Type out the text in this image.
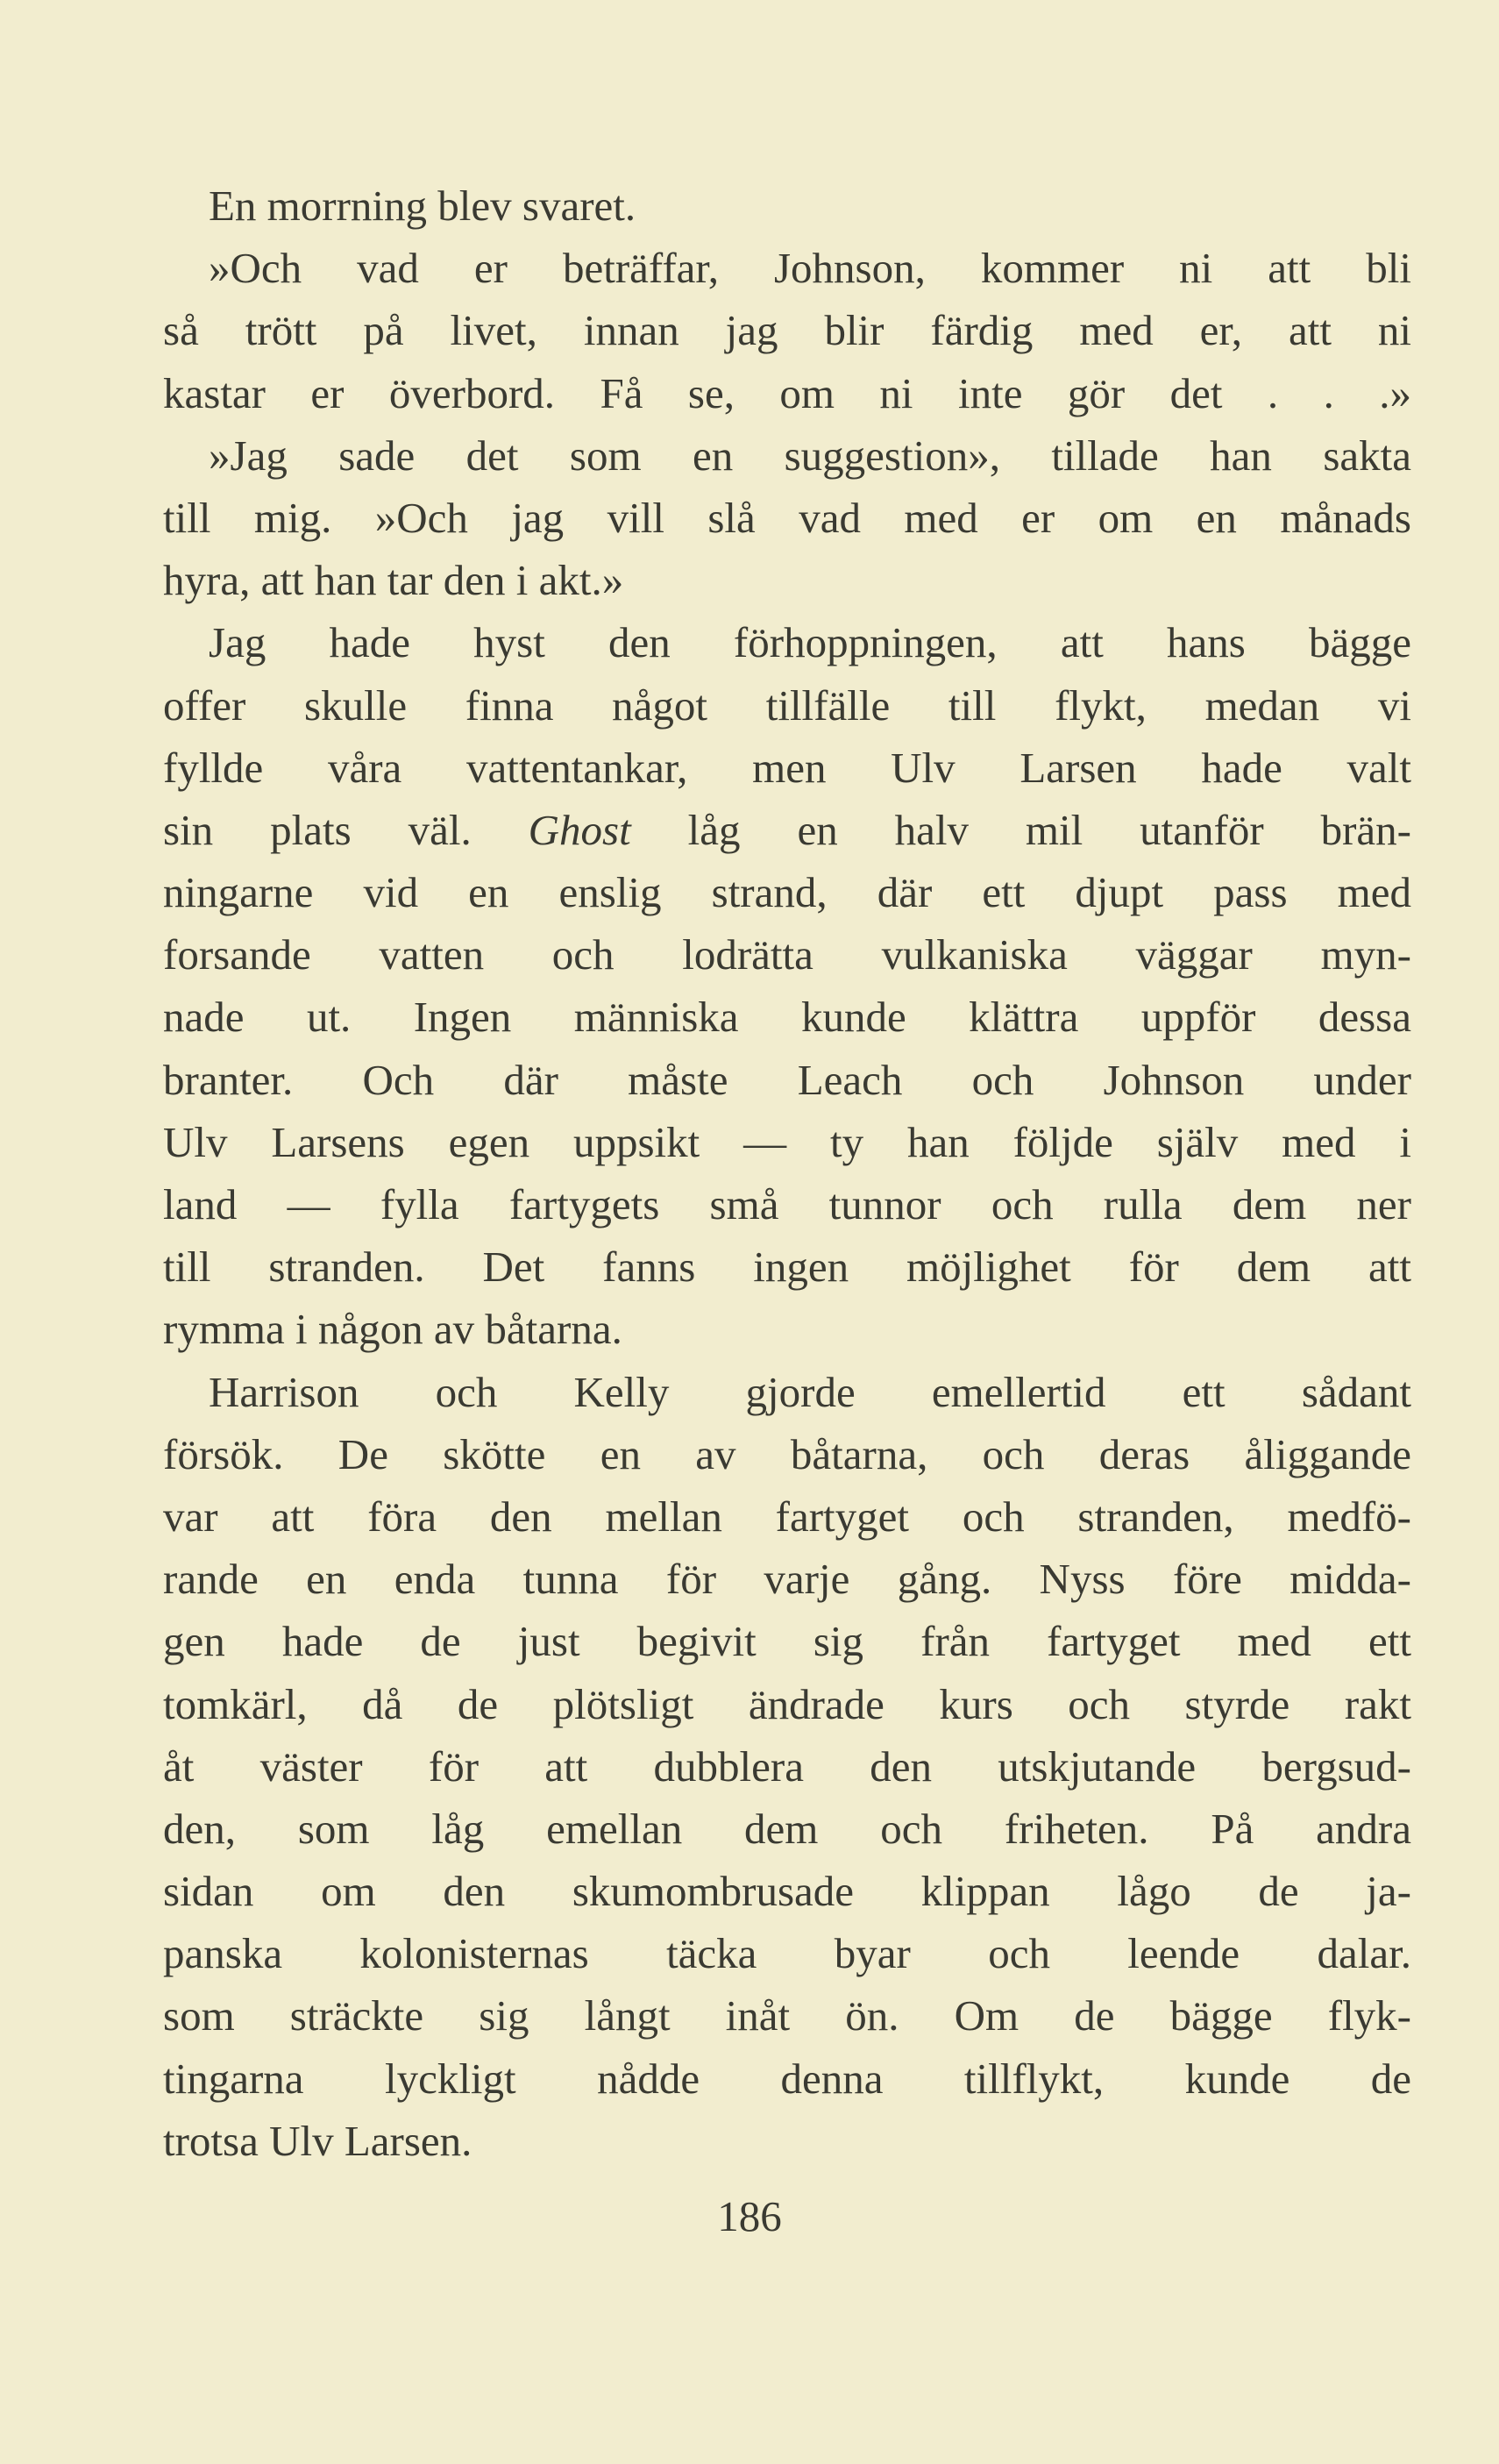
En morrning blev svaret.
»Och vad er beträffar, Johnson, kommer ni att bli
så trött på livet, innan jag blir färdig med er, att ni
kastar er överbord. Få se, om ni inte gör det . . .»
»Jag sade det som en suggestion», tillade han sakta
till mig. »Och jag vill slå vad med er om en månads
hyra, att han tar den i akt.»
Jag hade hyst den förhoppningen, att hans bägge
offer skulle finna något tillfälle till flykt, medan vi
fyllde våra vattentankar, men Ulv Larsen hade valt
sin plats väl. Ghost låg en halv mil utanför brän-
ningarne vid en enslig strand, där ett djupt pass med
forsande vatten och lodrätta vulkaniska väggar myn-
nade ut. Ingen människa kunde klättra uppför dessa
branter. Och där måste Leach och Johnson under
Ulv Larsens egen uppsikt — ty han följde själv med i
land — fylla fartygets små tunnor och rulla dem ner
till stranden. Det fanns ingen möjlighet för dem att
rymma i någon av båtarna.
Harrison och Kelly gjorde emellertid ett sådant
försök. De skötte en av båtarna, och deras åliggande
var att föra den mellan fartyget och stranden, medfö-
rande en enda tunna för varje gång. Nyss före midda-
gen hade de just begivit sig från fartyget med ett
tomkärl, då de plötsligt ändrade kurs och styrde rakt
åt väster för att dubblera den utskjutande bergsud-
den, som låg emellan dem och friheten. På andra
sidan om den skumombrusade klippan lågo de ja-
panska kolonisternas täcka byar och leende dalar.
som sträckte sig långt inåt ön. Om de bägge flyk-
tingarna lyckligt nådde denna tillflykt, kunde de
trotsa Ulv Larsen.
186
